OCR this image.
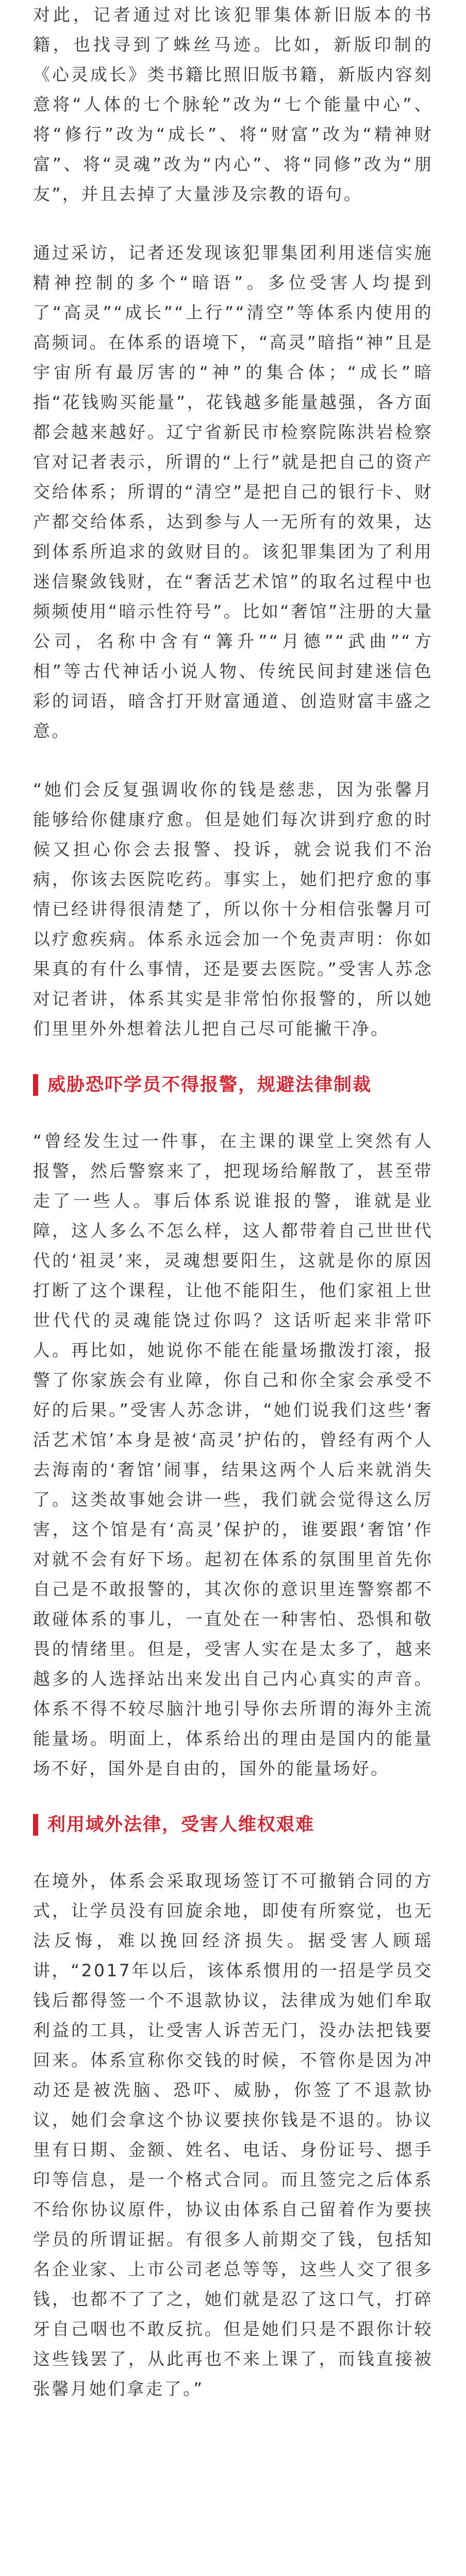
对此，记者通过对比该犯罪集体新旧版本的书籍，也找寻到了蛛丝马迹。比如，新版印制的《心灵成长》类书籍比照旧版书籍，新版内容刻意将“人体的七个脉轮”改为“七个能量中心”、将“修行”改为“成长”、将“财富”改为“精神财富”、将“灵魂”改为“内心”、将“同修”改为“朋友”，并且去掉了大量涉及宗教的语句。

通过采访，记者还发现该犯罪集团利用迷信实施精神控制的多个“暗语”。多位受害人均提到了“高灵”“成长”“上行”“清空”等体系内使用的高频词。在体系的语境下，“高灵”暗指“神”且是宇宙所有最厉害的“神”的集合体；“成长”暗指“花钱购买能量”，花钱越多能量越强，各方面都会越来越好。辽宁省新民市检察院陈洪岩检察官对记者表示，所谓的“上行”就是把自己的资产交给体系；所谓的“清空”是把自己的银行卡、财产都交给体系，达到参与人一无所有的效果，达到体系所追求的敛财目的。该犯罪集团为了利用迷信聚敛钱财，在“奢活艺术馆”的取名过程中也频频使用“暗示性符号”。比如“奢馆”注册的大量公司，名称中含有“篝升”“月德”“武曲”“方相”等古代神话小说人物、传统民间封建迷信色彩的词语，暗含打开财富通道、创造财富丰盛之意。

“她们会反复强调收你的钱是慈悲，因为张馨月能够给你健康疗愈。但是她们每次讲到疗愈的时候又担心你会去报警、投诉，就会说我们不治病，你该去医院吃药。事实上，她们把疗愈的事情已经讲得很清楚了，所以你十分相信张馨月可以疗愈疾病。体系永远会加一个免责声明：你如果真的有什么事情，还是要去医院。”受害人苏念对记者讲，体系其实是非常怕你报警的，所以她们里里外外想着法儿把自己尽可能撇干净。

威胁恐吓学员不得报警，规避法律制裁

“曾经发生过一件事，在主课的课堂上突然有人报警，然后警察来了，把现场给解散了，甚至带走了一些人。事后体系说谁报的警，谁就是业障，这人多么不怎么样，这人都带着自己世世代代的‘祖灵’来，灵魂想要阳生，这就是你的原因打断了这个课程，让他不能阳生，他们家祖上世世代代的灵魂能饶过你吗？这话听起来非常吓人。再比如，她说你不能在能量场撒泼打滚，报警了你家族会有业障，你自己和你全家会承受不好的后果。”受害人苏念讲，“她们说我们这些‘奢活艺术馆’本身是被‘高灵’护佑的，曾经有两个人去海南的‘奢馆’闹事，结果这两个人后来就消失了。这类故事她会讲一些，我们就会觉得这么厉害，这个馆是有‘高灵’保护的，谁要跟‘奢馆’作对就不会有好下场。起初在体系的氛围里首先你自己是不敢报警的，其次你的意识里连警察都不敢碰体系的事儿，一直处在一种害怕、恐惧和敬畏的情绪里。但是，受害人实在是太多了，越来越多的人选择站出来发出自己内心真实的声音。体系不得不较尽脑汁地引导你去所谓的海外主流能量场。明面上，体系给出的理由是国内的能量场不好，国外是自由的，国外的能量场好。

利用域外法律，受害人维权艰难

在境外，体系会采取现场签订不可撤销合同的方式，让学员没有回旋余地，即使有所察觉，也无法反悔，难以挽回经济损失。据受害人顾瑶讲，“2017年以后，该体系惯用的一招是学员交钱后都得签一个不退款协议，法律成为她们牟取利益的工具，让受害人诉苦无门，没办法把钱要回来。体系宣称你交钱的时候，不管你是因为冲动还是被洗脑、恐吓、威胁，你签了不退款协议，她们会拿这个协议要挟你钱是不退的。协议里有日期、金额、姓名、电话、身份证号、摁手印等信息，是一个格式合同。而且签完之后体系不给你协议原件，协议由体系自己留着作为要挟学员的所谓证据。有很多人前期交了钱，包括知名企业家、上市公司老总等等，这些人交了很多钱，也都不了了之，她们就是忍了这口气，打碎牙自己咽也不敢反抗。但是她们只是不跟你计较这些钱罢了，从此再也不来上课了，而钱直接被张馨月她们拿走了。”
